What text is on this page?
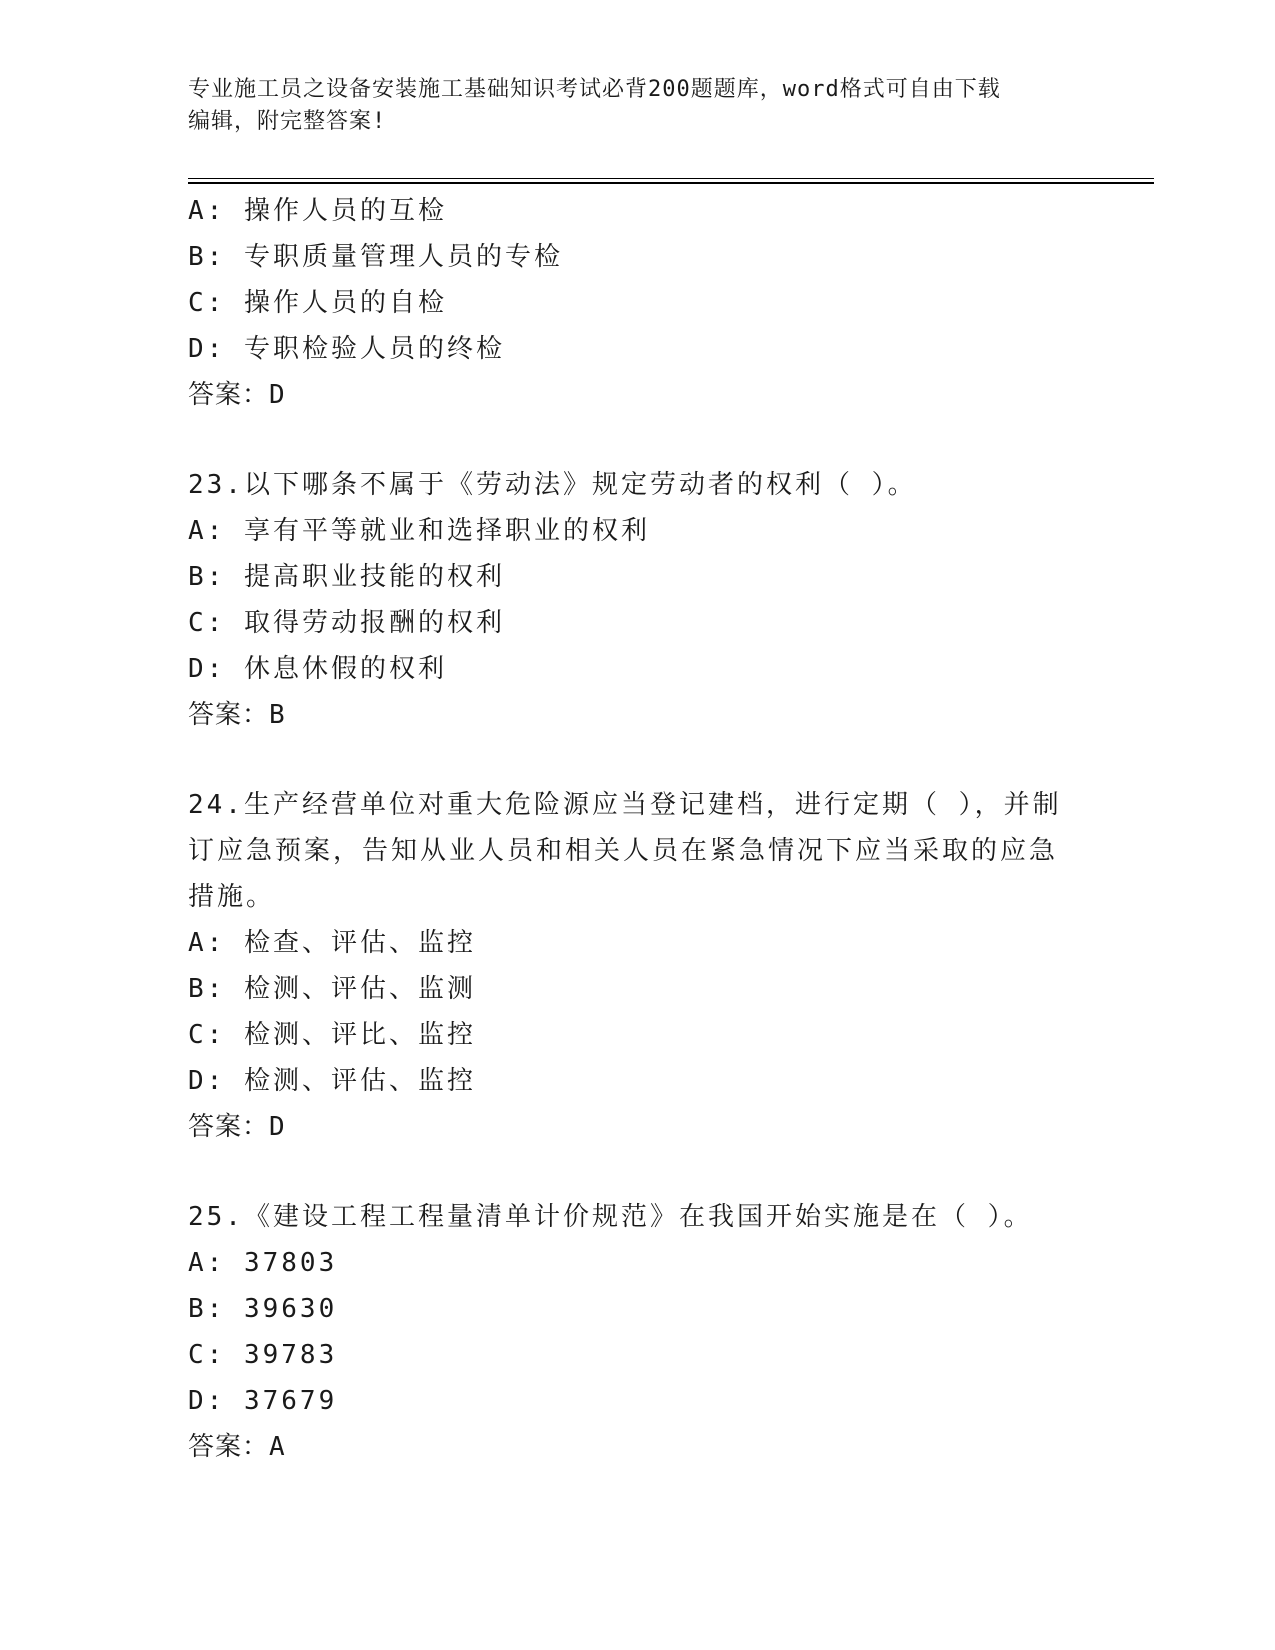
专业施工员之设备安装施工基础知识考试必背200题题库，word格式可自由下载
编辑，附完整答案!
A: 操作人员的互检
B: 专职质量管理人员的专检
C: 操作人员的自检
D: 专职检验人员的终检
答案：D
23.以下哪条不属于《劳动法》规定劳动者的权利（ ）。
A: 享有平等就业和选择职业的权利
B: 提高职业技能的权利
C: 取得劳动报酬的权利
D: 休息休假的权利
答案：B
24.生产经营单位对重大危险源应当登记建档，进行定期（ ），并制
订应急预案，告知从业人员和相关人员在紧急情况下应当采取的应急
措施。
A: 检查、评估、监控
B: 检测、评估、监测
C: 检测、评比、监控
D: 检测、评估、监控
答案：D
25.《建设工程工程量清单计价规范》在我国开始实施是在（ ）。
A: 37803
B: 39630
C: 39783
D: 37679
答案：A
